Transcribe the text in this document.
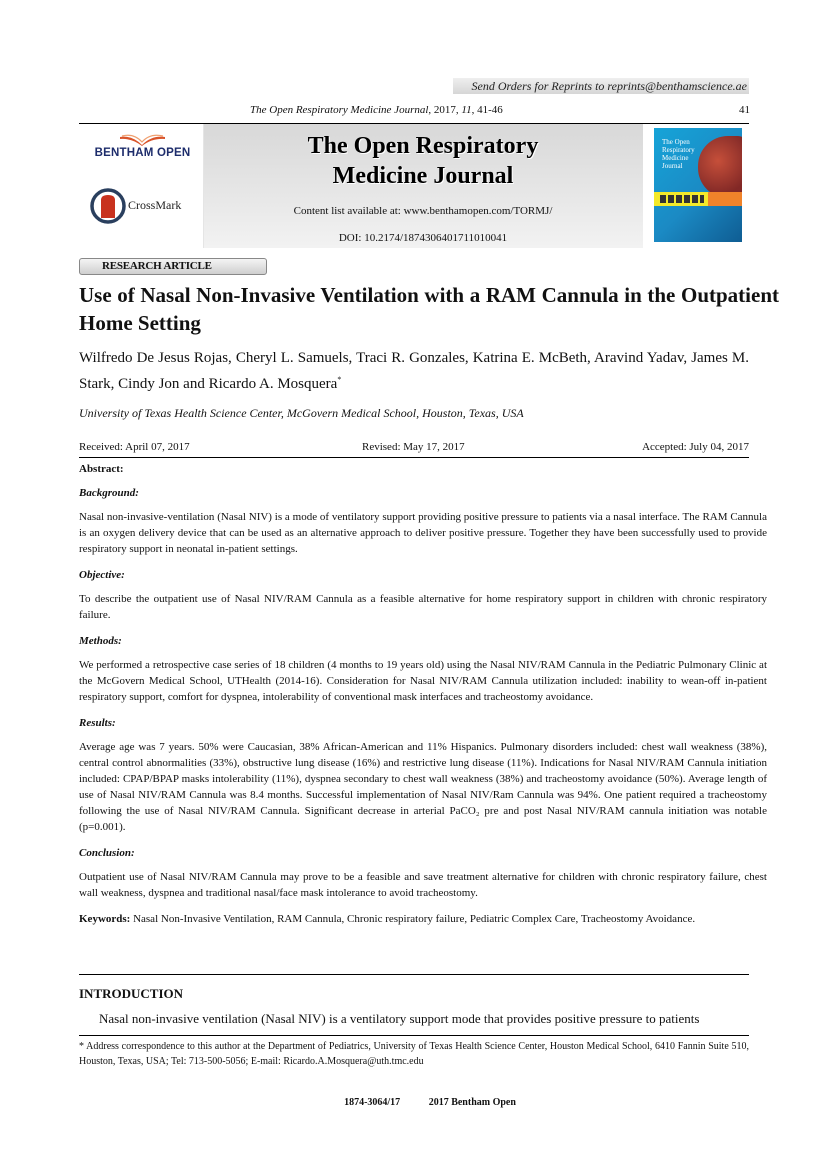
Send Orders for Reprints to reprints@benthamscience.ae
The Open Respiratory Medicine Journal, 2017, 11, 41-46	41
BENTHAM OPEN
CrossMark
The Open Respiratory Medicine Journal
Content list available at: www.benthamopen.com/TORMJ/
DOI: 10.2174/1874306401711010041
The Open Respiratory Medicine Journal
RESEARCH ARTICLE
Use of Nasal Non-Invasive Ventilation with a RAM Cannula in the Outpatient Home Setting
Wilfredo De Jesus Rojas, Cheryl L. Samuels, Traci R. Gonzales, Katrina E. McBeth, Aravind Yadav, James M. Stark, Cindy Jon and Ricardo A. Mosquera*
University of Texas Health Science Center, McGovern Medical School, Houston, Texas, USA
Received: April 07, 2017	Revised: May 17, 2017	Accepted: July 04, 2017
Abstract:
Background:
Nasal non-invasive-ventilation (Nasal NIV) is a mode of ventilatory support providing positive pressure to patients via a nasal interface. The RAM Cannula is an oxygen delivery device that can be used as an alternative approach to deliver positive pressure. Together they have been successfully used to provide respiratory support in neonatal in-patient settings.
Objective:
To describe the outpatient use of Nasal NIV/RAM Cannula as a feasible alternative for home respiratory support in children with chronic respiratory failure.
Methods:
We performed a retrospective case series of 18 children (4 months to 19 years old) using the Nasal NIV/RAM Cannula in the Pediatric Pulmonary Clinic at the McGovern Medical School, UTHealth (2014-16). Consideration for Nasal NIV/RAM Cannula utilization included: inability to wean-off in-patient respiratory support, comfort for dyspnea, intolerability of conventional mask interfaces and tracheostomy avoidance.
Results:
Average age was 7 years. 50% were Caucasian, 38% African-American and 11% Hispanics. Pulmonary disorders included: chest wall weakness (38%), central control abnormalities (33%), obstructive lung disease (16%) and restrictive lung disease (11%). Indications for Nasal NIV/RAM Cannula initiation included: CPAP/BPAP masks intolerability (11%), dyspnea secondary to chest wall weakness (38%) and tracheostomy avoidance (50%). Average length of use of Nasal NIV/RAM Cannula was 8.4 months. Successful implementation of Nasal NIV/Ram Cannula was 94%. One patient required a tracheostomy following the use of Nasal NIV/RAM Cannula. Significant decrease in arterial PaCO₂ pre and post Nasal NIV/RAM cannula initiation was notable (p=0.001).
Conclusion:
Outpatient use of Nasal NIV/RAM Cannula may prove to be a feasible and save treatment alternative for children with chronic respiratory failure, chest wall weakness, dyspnea and traditional nasal/face mask intolerance to avoid tracheostomy.
Keywords: Nasal Non-Invasive Ventilation, RAM Cannula, Chronic respiratory failure, Pediatric Complex Care, Tracheostomy Avoidance.
INTRODUCTION
Nasal non-invasive ventilation (Nasal NIV) is a ventilatory support mode that provides positive pressure to patients
* Address correspondence to this author at the Department of Pediatrics, University of Texas Health Science Center, Houston Medical School, 6410 Fannin Suite 510, Houston, Texas, USA; Tel: 713-500-5056; E-mail: Ricardo.A.Mosquera@uth.tmc.edu
1874-3064/17	2017 Bentham Open
